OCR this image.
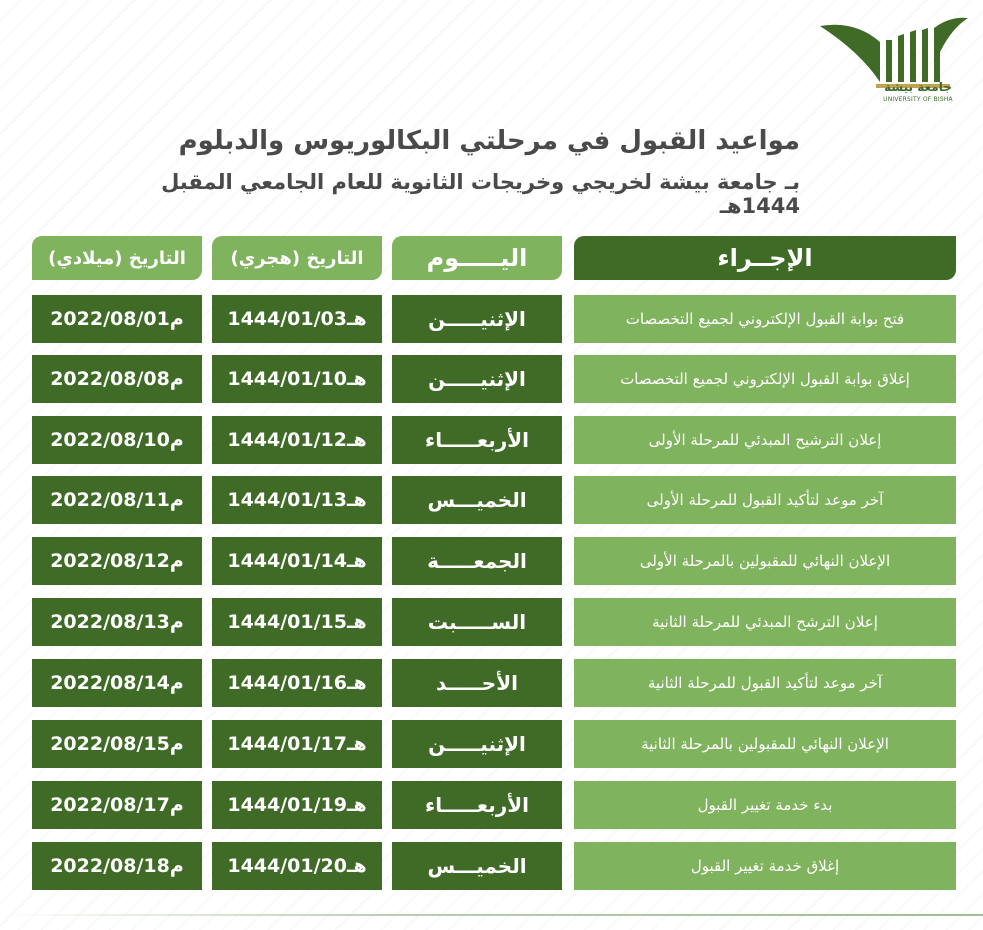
جامعة بيشة
UNIVERSITY OF BISHA
مواعيد القبول في مرحلتي البكالوريوس والدبلوم
بـ جامعة بيشة لخريجي وخريجات الثانوية للعام الجامعي المقبل 1444هـ
الإجــراء
اليـــــوم
التاريخ (هجري)
التاريخ (ميلادي)
فتح بوابة القبول الإلكتروني لجميع التخصصات
الإثنيـــــن
1444/01/03هـ
2022/08/01م
إغلاق بوابة القبول الإلكتروني لجميع التخصصات
الإثنيـــــن
1444/01/10هـ
2022/08/08م
إعلان الترشيح المبدئي للمرحلة الأولى
الأربعـــــاء
1444/01/12هـ
2022/08/10م
آخر موعد لتأكيد القبول للمرحلة الأولى
الخميـــس
1444/01/13هـ
2022/08/11م
الإعلان النهائي للمقبولين بالمرحلة الأولى
الجمعـــــة
1444/01/14هـ
2022/08/12م
إعلان الترشح المبدئي للمرحلة الثانية
الســـــبت
1444/01/15هـ
2022/08/13م
آخر موعد لتأكيد القبول للمرحلة الثانية
الأحـــــد
1444/01/16هـ
2022/08/14م
الإعلان النهائي للمقبولين بالمرحلة الثانية
الإثنيـــــن
1444/01/17هـ
2022/08/15م
بدء خدمة تغيير القبول
الأربعـــــاء
1444/01/19هـ
2022/08/17م
إغلاق خدمة تغيير القبول
الخميـــس
1444/01/20هـ
2022/08/18م
